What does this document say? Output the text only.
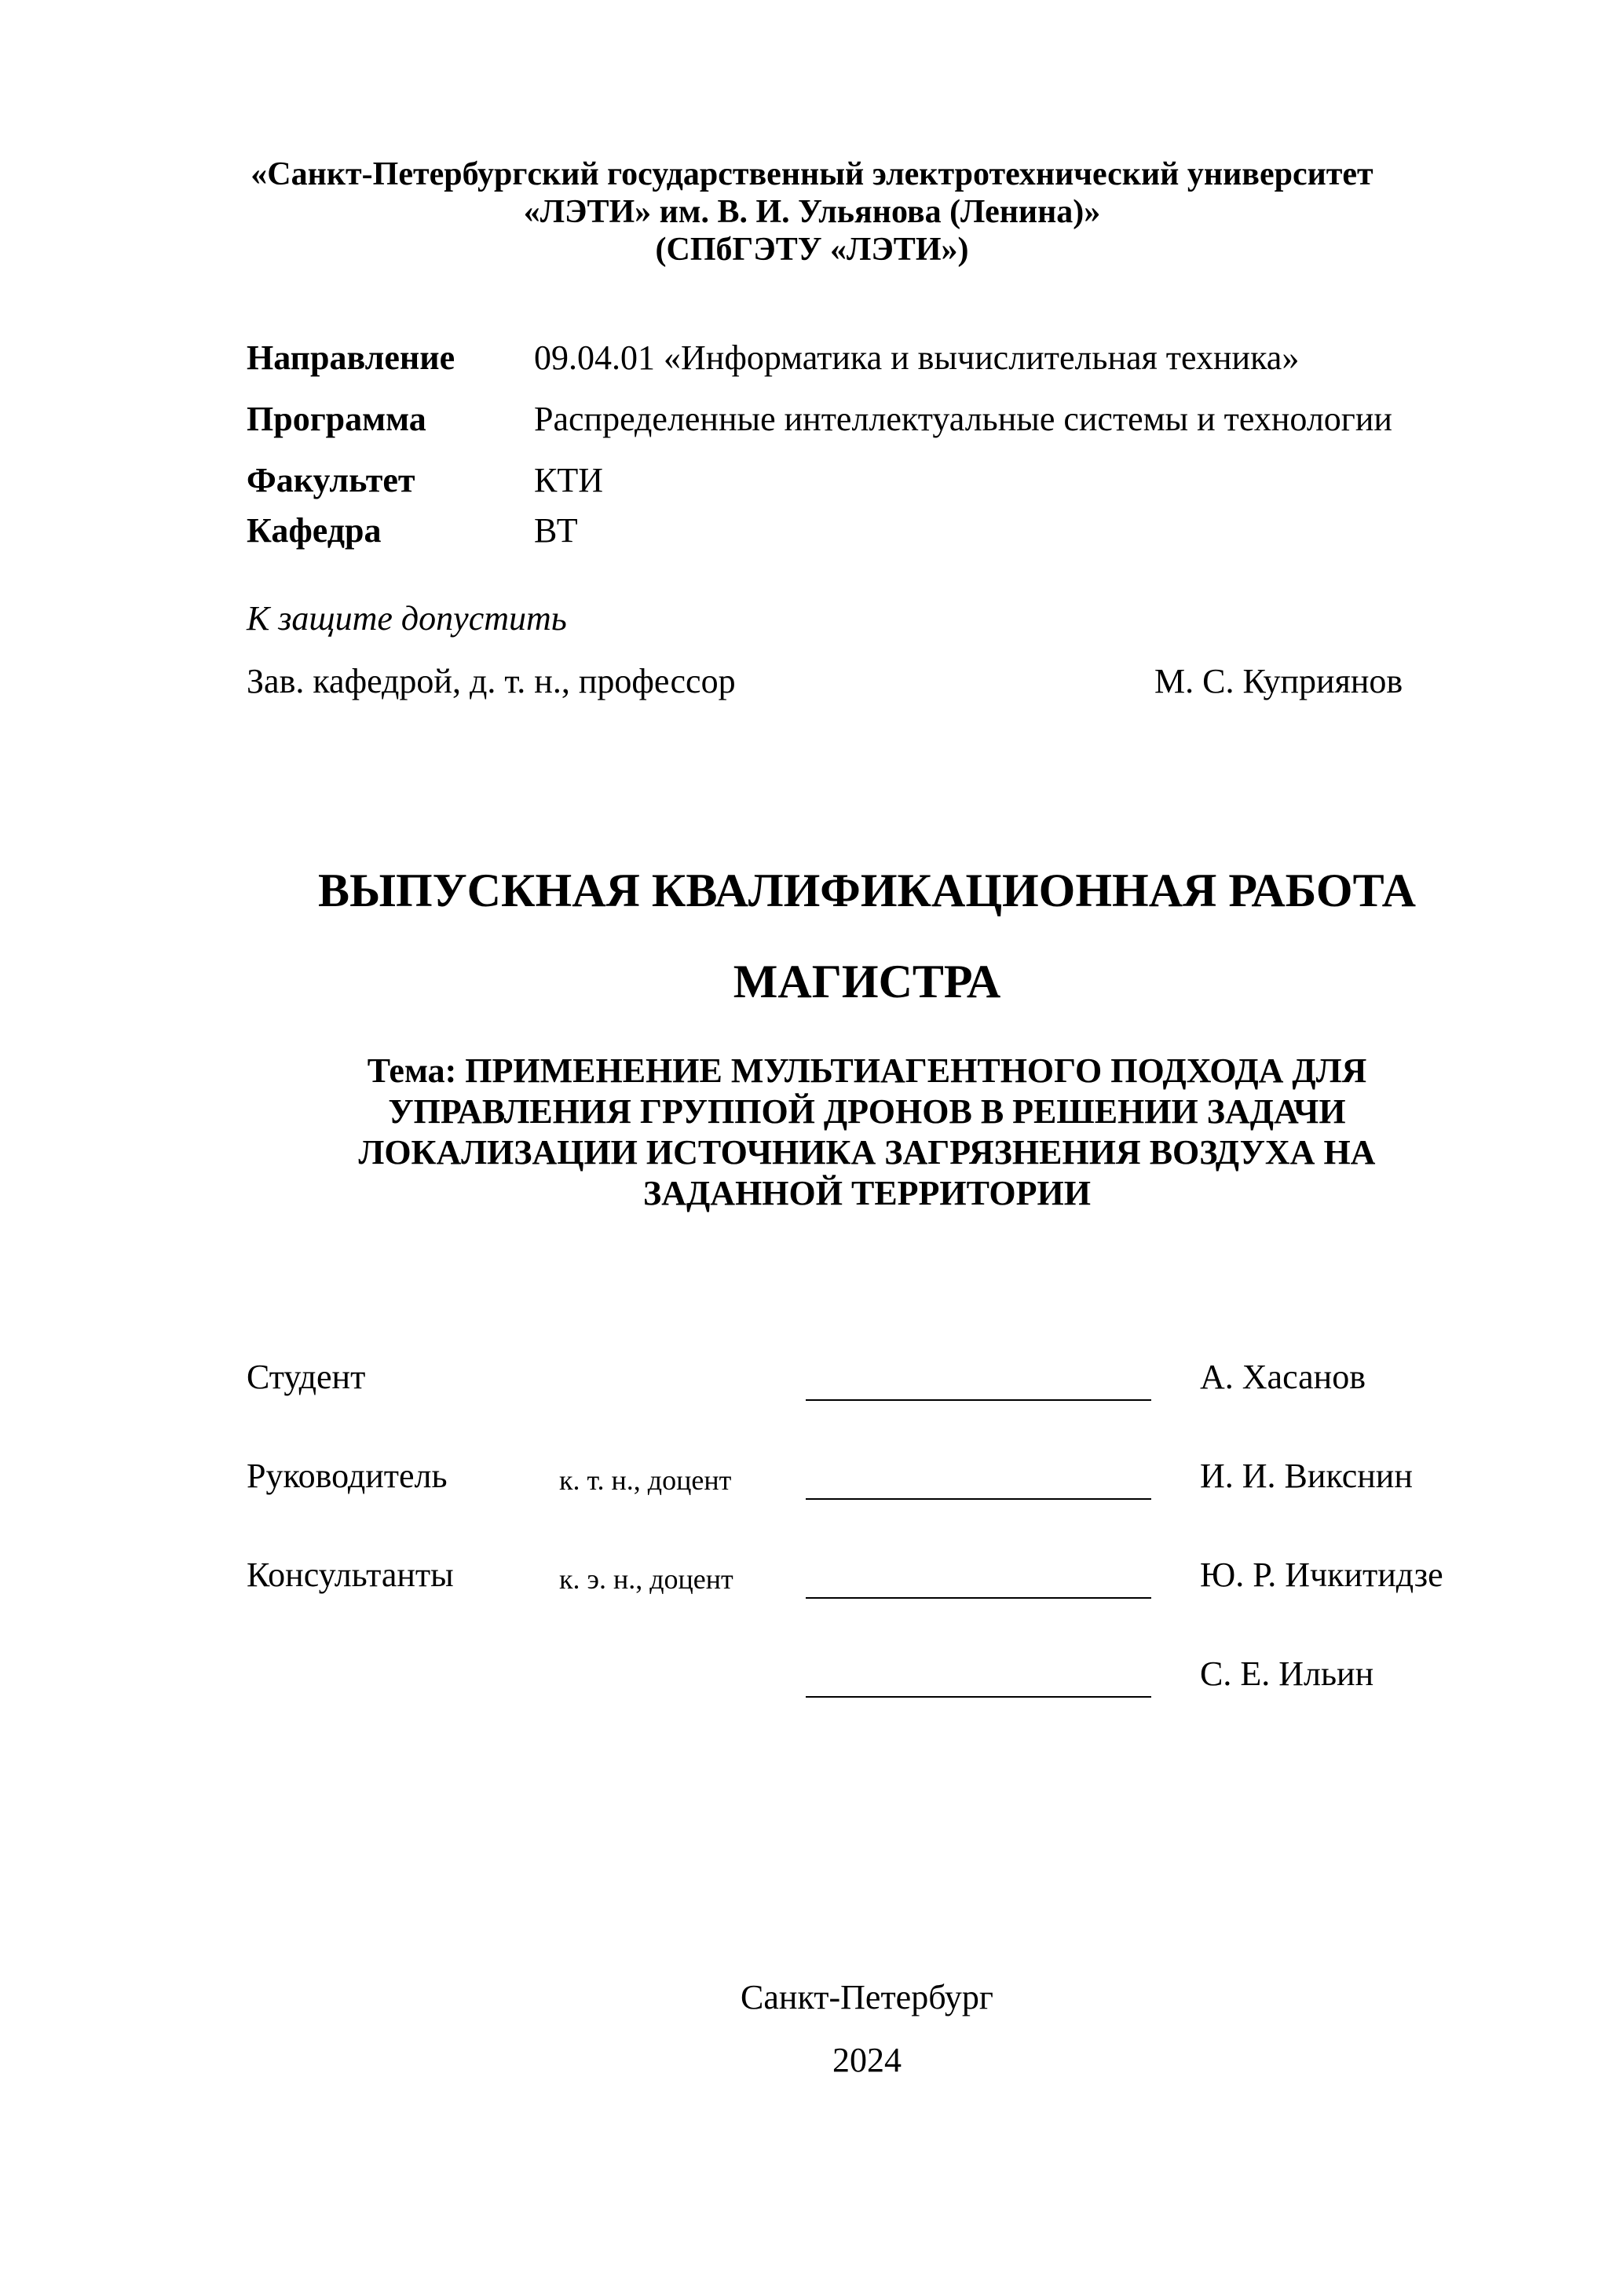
«Санкт-Петербургский государственный электротехнический университет
«ЛЭТИ» им. В. И. Ульянова (Ленина)»
(СПбГЭТУ «ЛЭТИ»)
Направление 09.04.01 «Информатика и вычислительная техника»
Программа	Распределенные интеллектуальные системы и технологии
Факультет	КТИ
Кафедра	ВТ
К защите допустить
Зав. кафедрой, д. т. н., профессор	М. С. Куприянов
ВЫПУСКНАЯ КВАЛИФИКАЦИОННАЯ РАБОТА
МАГИСТРА
Тема: ПРИМЕНЕНИЕ МУЛЬТИАГЕНТНОГО ПОДХОДА ДЛЯ
УПРАВЛЕНИЯ ГРУППОЙ ДРОНОВ В РЕШЕНИИ ЗАДАЧИ
ЛОКАЛИЗАЦИИ ИСТОЧНИКА ЗАГРЯЗНЕНИЯ ВОЗДУХА НА
ЗАДАННОЙ ТЕРРИТОРИИ
Студент	А. Хасанов
Руководитель	к. т. н., доцент	И. И. Викснин
Консультанты	к. э. н., доцент	Ю. Р. Ичкитидзе
С. Е. Ильин
Санкт-Петербург
2024
